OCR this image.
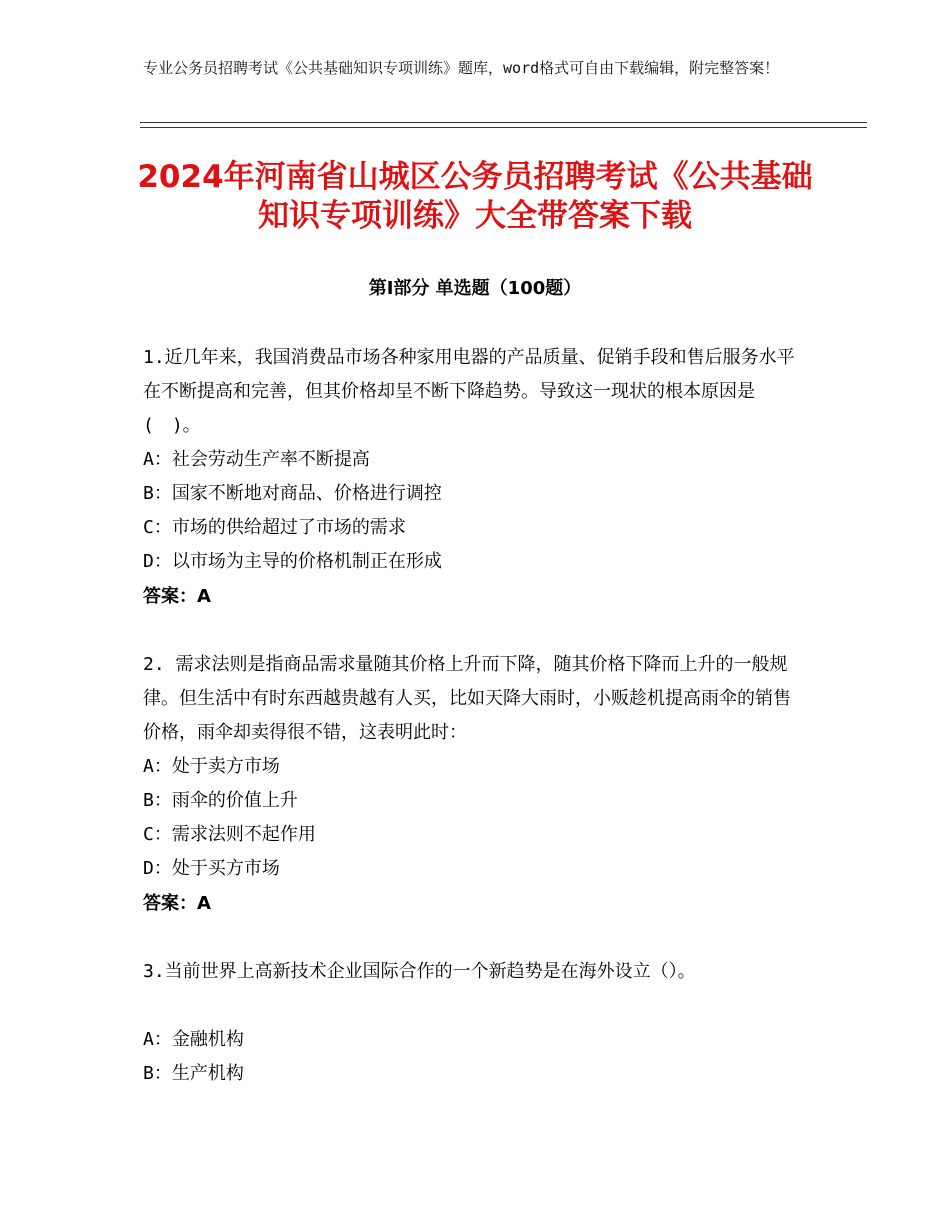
专业公务员招聘考试《公共基础知识专项训练》题库，word格式可自由下载编辑，附完整答案！
2024年河南省山城区公务员招聘考试《公共基础知识专项训练》大全带答案下载
第Ⅰ部分 单选题（100题）
1.近几年来，我国消费品市场各种家用电器的产品质量、促销手段和售后服务水平在不断提高和完善，但其价格却呈不断下降趋势。导致这一现状的根本原因是(　)。
A：社会劳动生产率不断提高
B：国家不断地对商品、价格进行调控
C：市场的供给超过了市场的需求
D：以市场为主导的价格机制正在形成
答案：A
2. 需求法则是指商品需求量随其价格上升而下降，随其价格下降而上升的一般规律。但生活中有时东西越贵越有人买，比如天降大雨时，小贩趁机提高雨伞的销售价格，雨伞却卖得很不错，这表明此时：
A：处于卖方市场
B：雨伞的价值上升
C：需求法则不起作用
D：处于买方市场
答案：A
3.当前世界上高新技术企业国际合作的一个新趋势是在海外设立（）。
A：金融机构
B：生产机构
